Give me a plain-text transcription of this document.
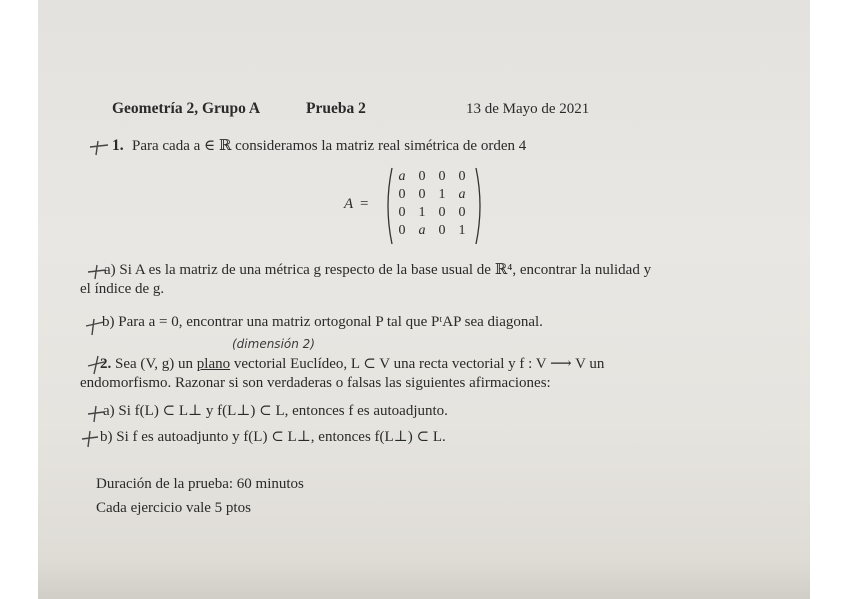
Geometría 2, Grupo A	Prueba 2	13 de Mayo de 2021
1. Para cada a ∈ ℝ consideramos la matriz real simétrica de orden 4
A =
a 0 0 0
0 0 1 a
0 1 0 0
0 a 0 1
a) Si A es la matriz de una métrica g respecto de la base usual de ℝ⁴, encontrar la nulidad y
el índice de g.
b) Para a = 0, encontrar una matriz ortogonal P tal que PᵗAP sea diagonal.
(dimensión 2)
2. Sea (V, g) un plano vectorial Euclídeo, L ⊂ V una recta vectorial y f : V ⟶ V un
endomorfismo. Razonar si son verdaderas o falsas las siguientes afirmaciones:
a) Si f(L) ⊂ L⊥ y f(L⊥) ⊂ L, entonces f es autoadjunto.
b) Si f es autoadjunto y f(L) ⊂ L⊥, entonces f(L⊥) ⊂ L.
Duración de la prueba: 60 minutos
Cada ejercicio vale 5 ptos
